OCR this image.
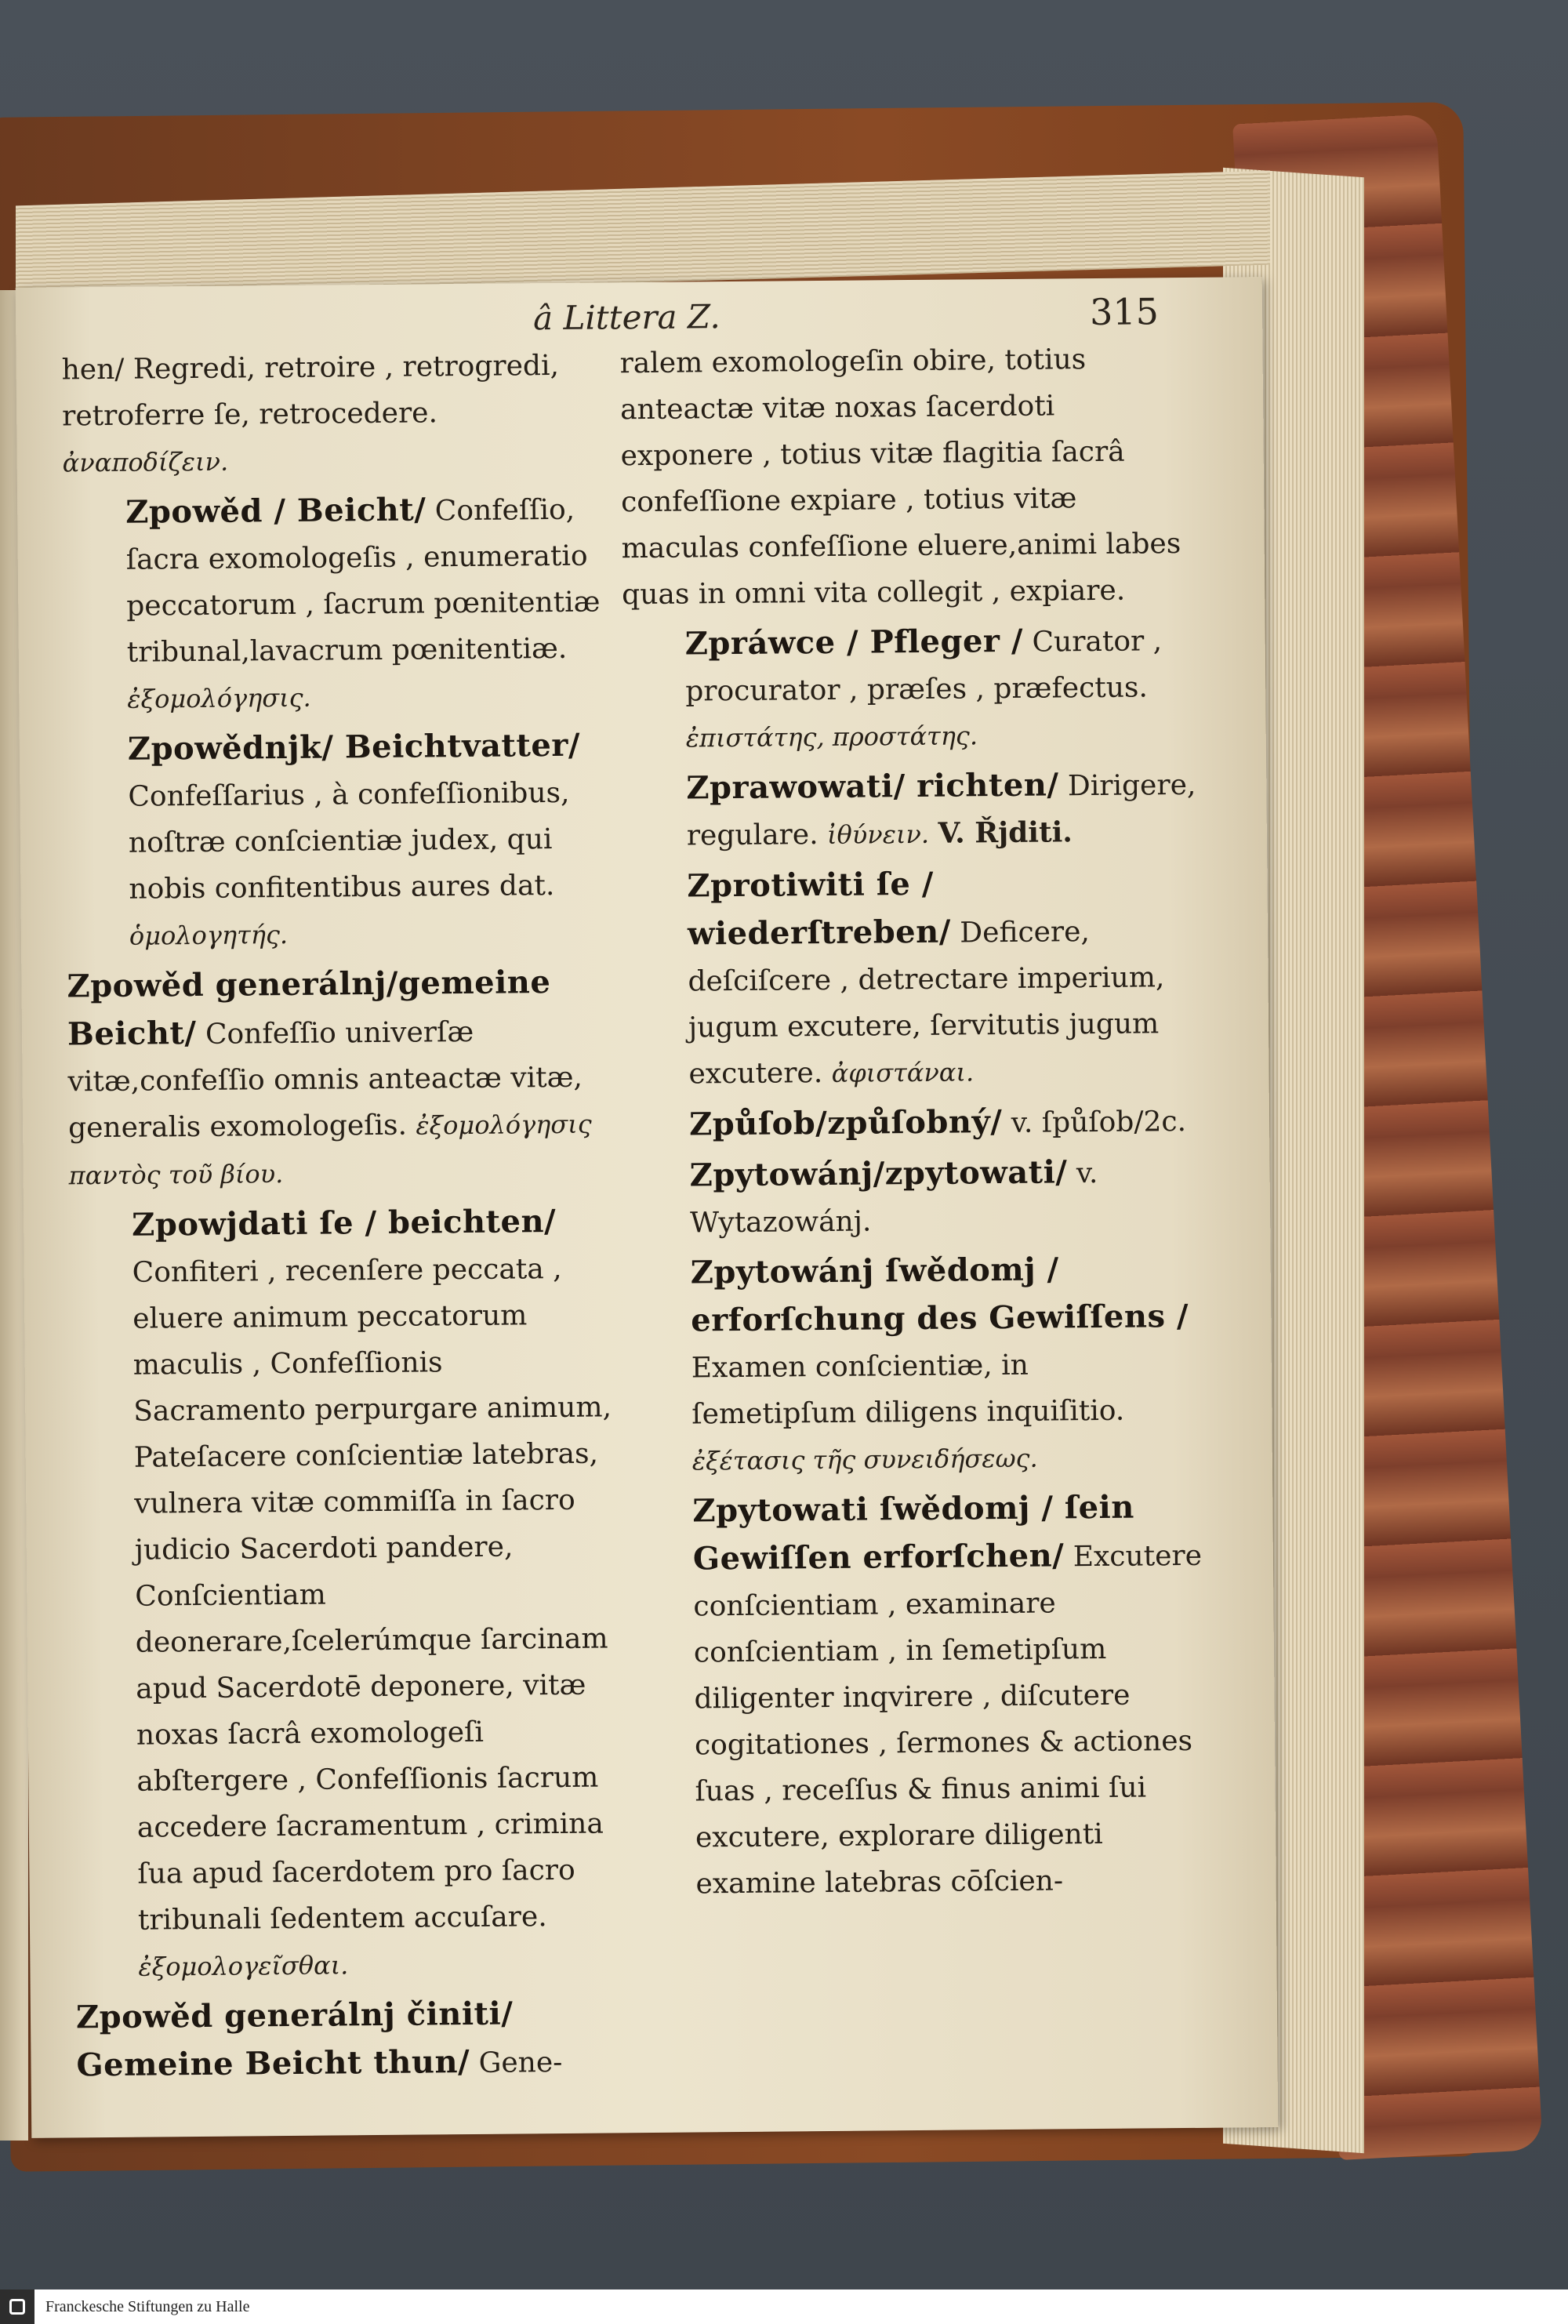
â Littera Z.	315

hen/ Regredi, retroire , retrogredi, retroferre ſe, retrocedere. ἀναποδίζειν.

Zpowěd / Beicht/ Confeſſio, ſacra exomologeſis , enumeratio peccatorum , ſacrum pœnitentiæ tribunal,lavacrum pœnitentiæ. ἐξομολόγησις.

Zpowědnjk/ Beichtvatter/ Confeſſarius , à confeſſionibus, noſtræ conſcientiæ judex, qui nobis confitentibus aures dat. ὁμολογητής.

Zpowěd generálnj/gemeine Beicht/ Confeſſio univerſæ vitæ,confeſſio omnis anteactæ vitæ, generalis exomologeſis. ἐξομολόγησις παντὸς τοῦ βίου.

Zpowjdati ſe / beichten/ Confiteri , recenſere peccata , eluere animum peccatorum maculis , Confeſſionis Sacramento perpurgare animum, Pateſacere conſcientiæ latebras, vulnera vitæ commiſſa in ſacro judicio Sacerdoti pandere, Conſcientiam deonerare,ſcelerúmque ſarcinam apud Sacerdotē deponere, vitæ noxas ſacrâ exomologeſi abſtergere , Confeſſionis ſacrum accedere ſacramentum , crimina ſua apud ſacerdotem pro ſacro tribunali ſedentem accuſare. ἐξομολογεῖσθαι.

Zpowěd generálnj činiti/ Gemeine Beicht thun/ Gene-

ralem exomologeſin obire, totius anteactæ vitæ noxas ſacerdoti exponere , totius vitæ flagitia ſacrâ confeſſione expiare , totius vitæ maculas confeſſione eluere,animi labes quas in omni vita collegit , expiare.

Zpráwce / Pfleger / Curator , procurator , præſes , præfectus. ἐπιστάτης, προστάτης.

Zprawowati/ richten/ Dirigere, regulare. ἰθύνειν. V. Řjditi.

Zprotiwiti ſe / wiederſtreben/ Deficere, deſciſcere , detrectare imperium, jugum excutere, ſervitutis jugum excutere. ἀφιστάναι.

Způſob/způſobný/ v. ſpůſob/2c.

Zpytowánj/zpytowati/ v. Wytazowánj.

Zpytowánj ſwědomj / erforſchung des Gewiſſens / Examen conſcientiæ, in ſemetipſum diligens inquiſitio. ἐξέτασις τῆς συνειδήσεως.

Zpytowati ſwědomj / ſein Gewiſſen erforſchen/ Excutere conſcientiam , examinare conſcientiam , in ſemetipſum diligenter inqvirere , diſcutere cogitationes , ſermones & actiones ſuas , receſſus & finus animi ſui excutere, explorare diligenti examine latebras cōſcien-

Franckesche Stiftungen zu Halle
